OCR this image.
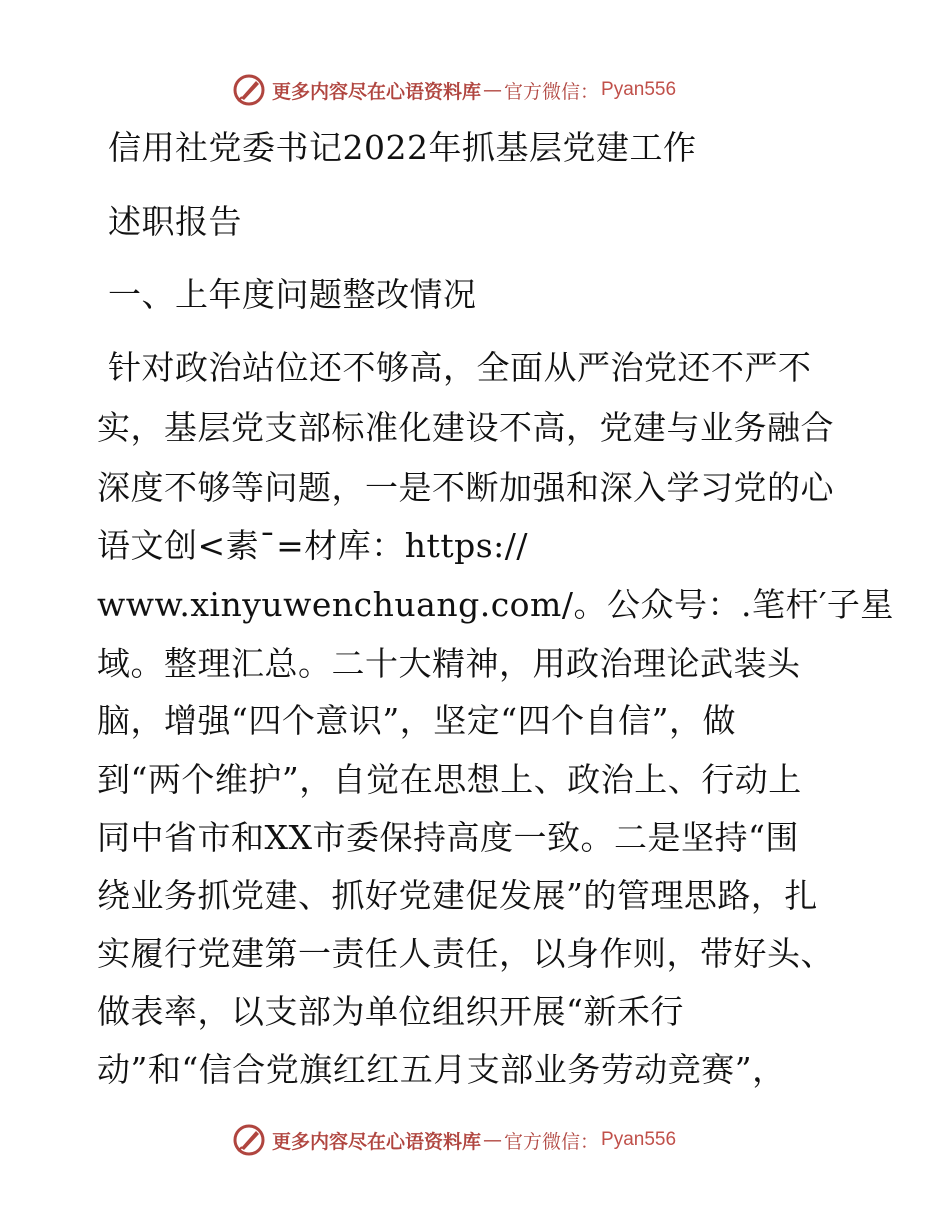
更多内容尽在心语资料库 — 官方微信： Pyan556
信用社党委书记2022年抓基层党建工作
述职报告
一、上年度问题整改情况
针对政治站位还不够高，全面从严治党还不严不
实，基层党支部标准化建设不高，党建与业务融合
深度不够等问题，一是不断加强和深入学习党的心
语文创<素¯=材库：https://
www.xinyuwenchuang.com/。公众号：.笔杆′子星
域。整理汇总。二十大精神，用政治理论武装头
脑，增强“四个意识”，坚定“四个自信”，做
到“两个维护”，自觉在思想上、政治上、行动上
同中省市和XX市委保持高度一致。二是坚持“围
绕业务抓党建、抓好党建促发展”的管理思路，扎
实履行党建第一责任人责任，以身作则，带好头、
做表率，以支部为单位组织开展“新禾行
动”和“信合党旗红红五月支部业务劳动竞赛”，
更多内容尽在心语资料库 — 官方微信： Pyan556
